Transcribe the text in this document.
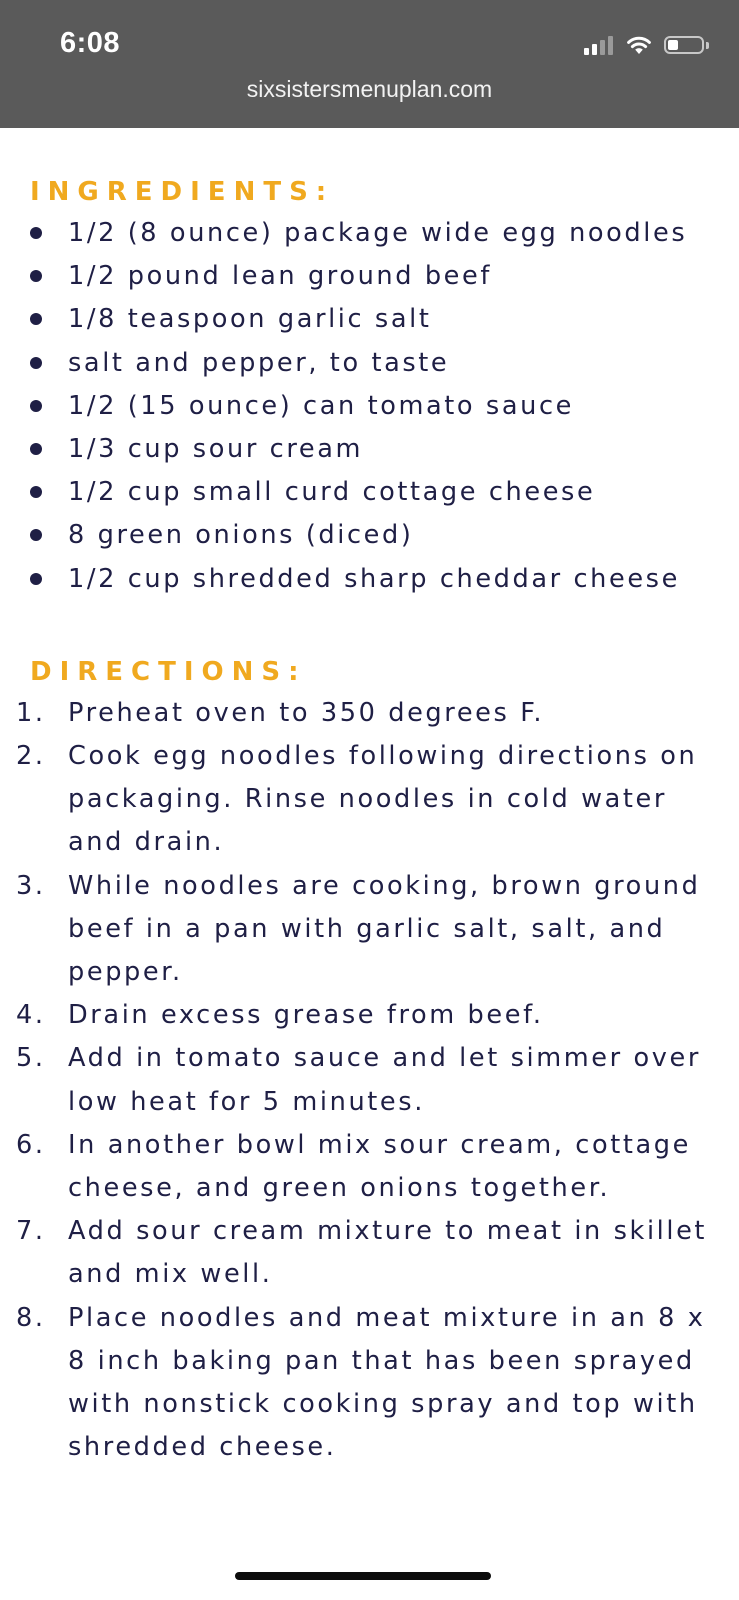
6:08
sixsistersmenuplan.com
INGREDIENTS:
1/2 (8 ounce) package wide egg noodles
1/2 pound lean ground beef
1/8 teaspoon garlic salt
salt and pepper, to taste
1/2 (15 ounce) can tomato sauce
1/3 cup sour cream
1/2 cup small curd cottage cheese
8 green onions (diced)
1/2 cup shredded sharp cheddar cheese
DIRECTIONS:
1. Preheat oven to 350 degrees F.
2. Cook egg noodles following directions on packaging. Rinse noodles in cold water and drain.
3. While noodles are cooking, brown ground beef in a pan with garlic salt, salt, and pepper.
4. Drain excess grease from beef.
5. Add in tomato sauce and let simmer over low heat for 5 minutes.
6. In another bowl mix sour cream, cottage cheese, and green onions together.
7. Add sour cream mixture to meat in skillet and mix well.
8. Place noodles and meat mixture in an 8 x 8 inch baking pan that has been sprayed with nonstick cooking spray and top with shredded cheese.
